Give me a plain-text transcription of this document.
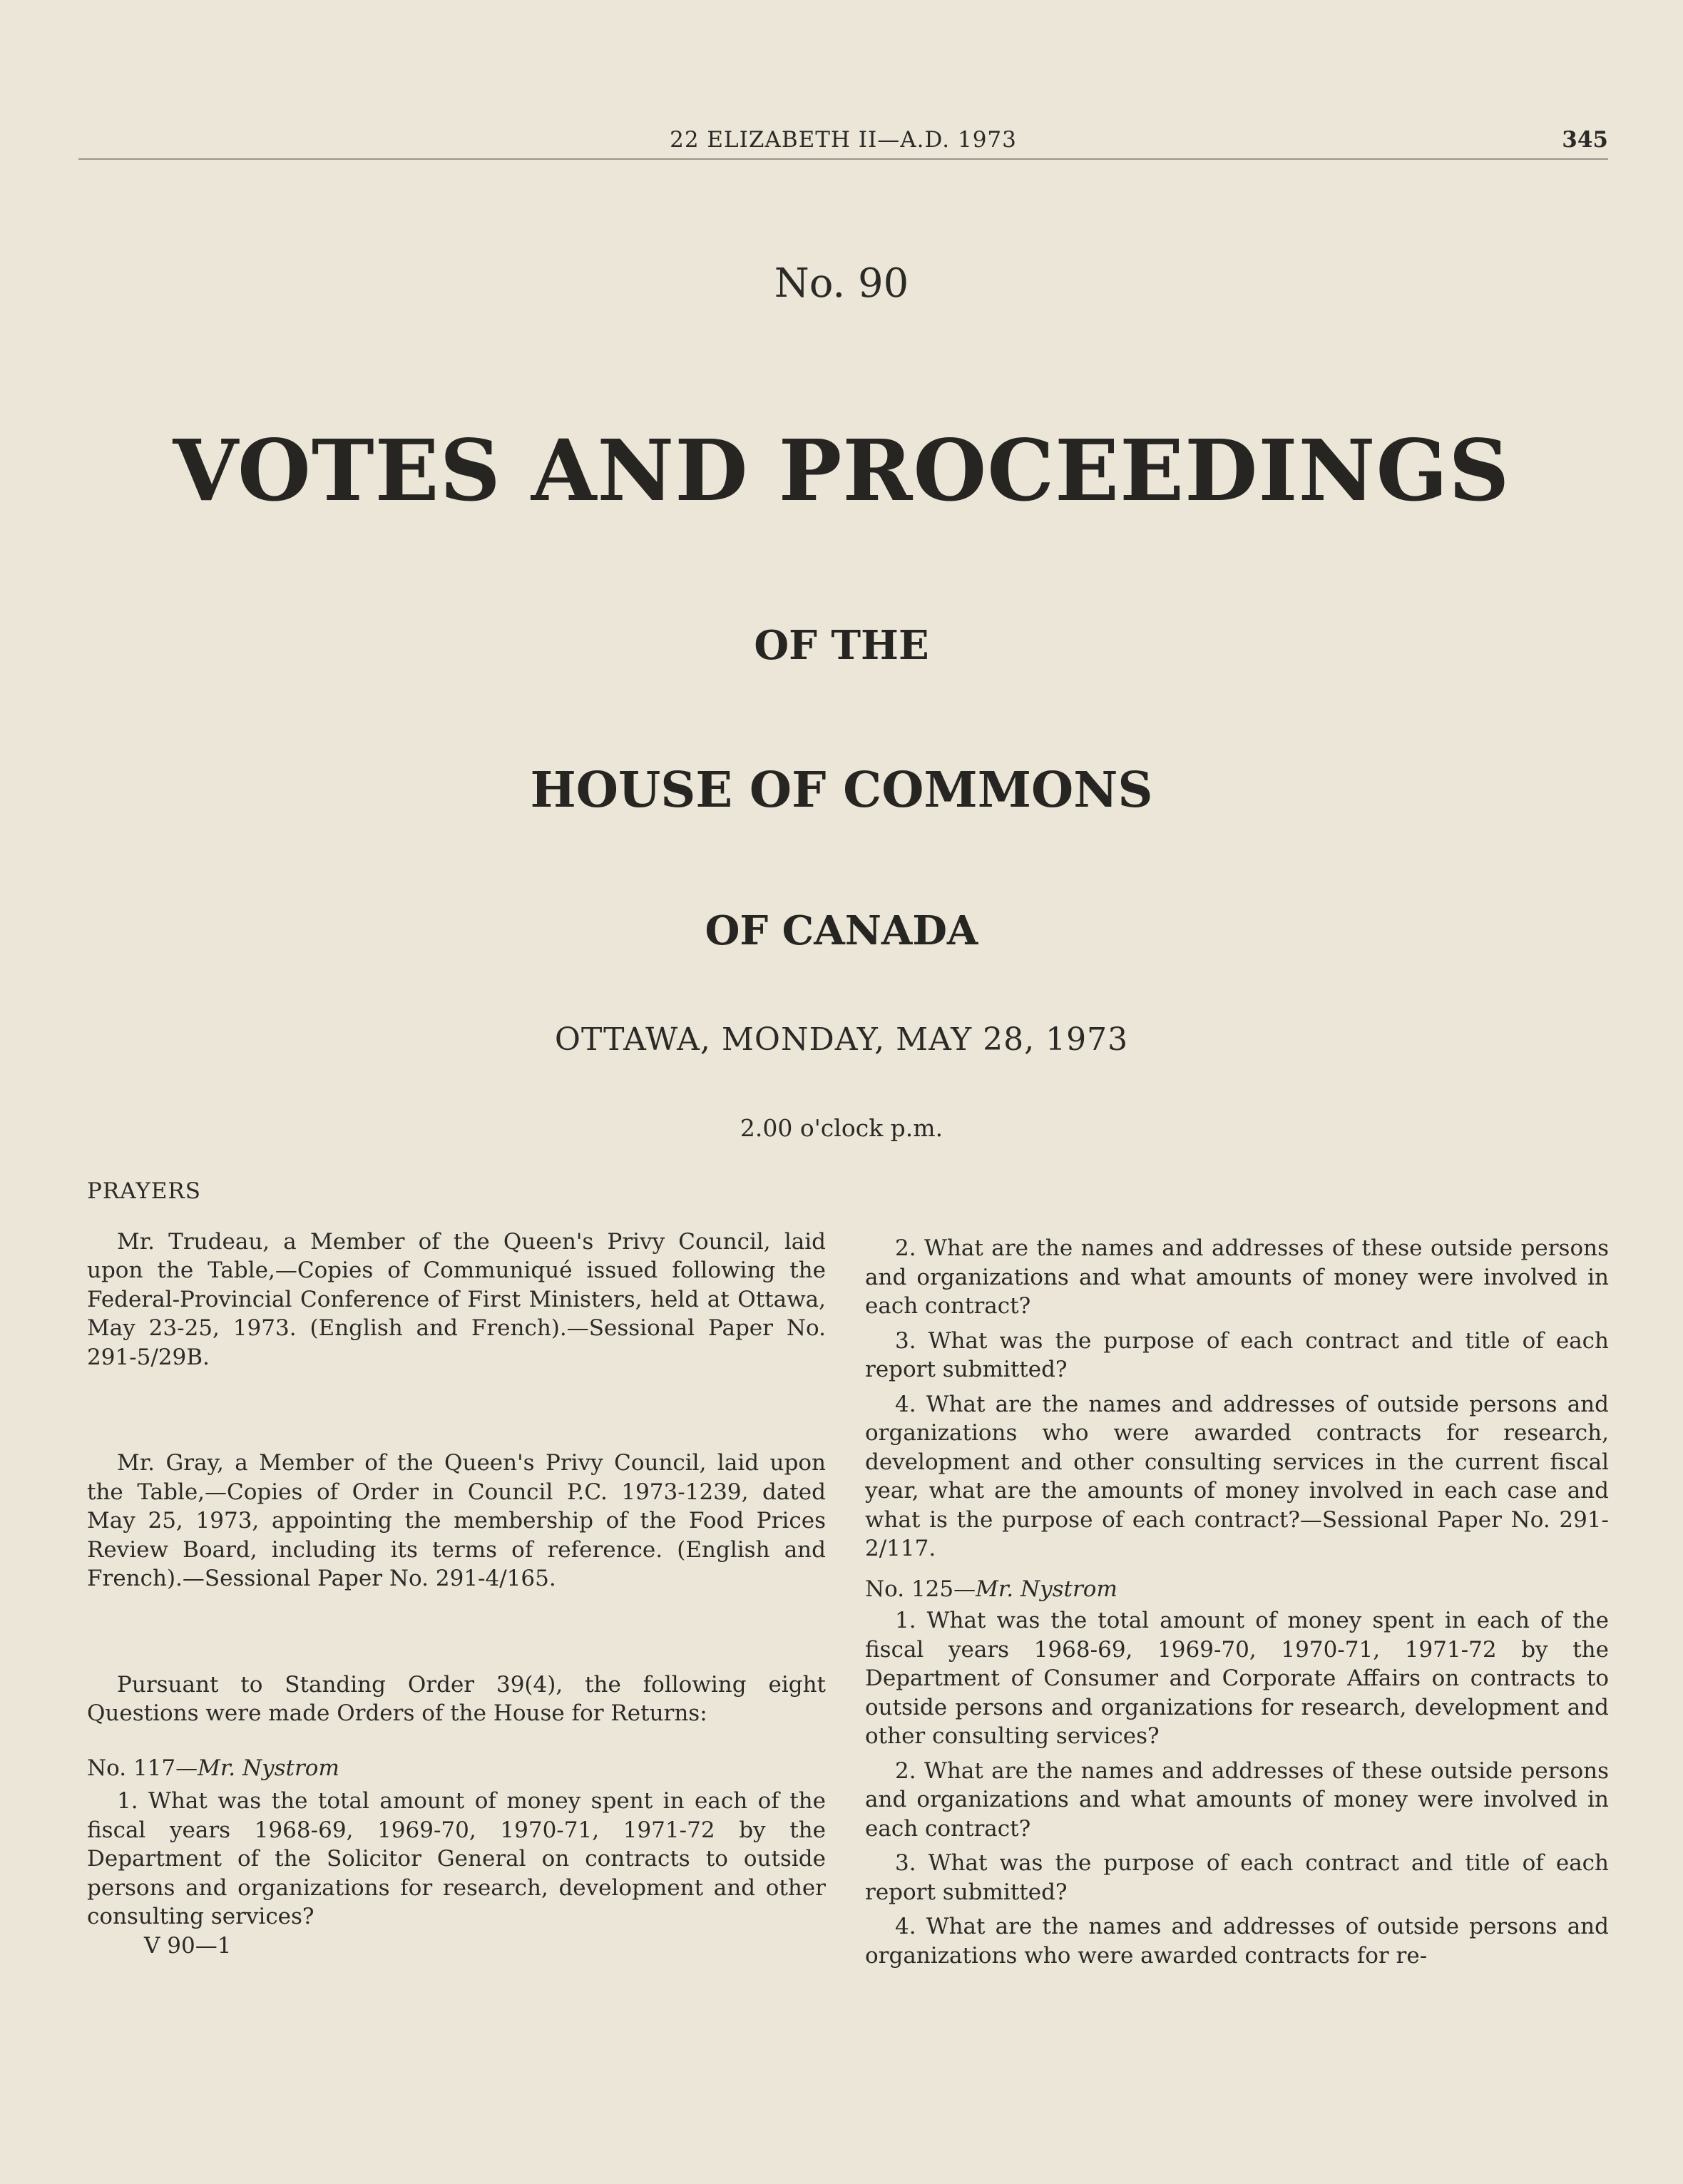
22 ELIZABETH II—A.D. 1973	345
No. 90
VOTES AND PROCEEDINGS
OF THE
HOUSE OF COMMONS
OF CANADA
OTTAWA, MONDAY, MAY 28, 1973
2.00 o'clock p.m.

PRAYERS

Mr. Trudeau, a Member of the Queen's Privy Council, laid upon the Table,—Copies of Communiqué issued following the Federal-Provincial Conference of First Ministers, held at Ottawa, May 23-25, 1973. (English and French).—Sessional Paper No. 291-5/29B.

Mr. Gray, a Member of the Queen's Privy Council, laid upon the Table,—Copies of Order in Council P.C. 1973-1239, dated May 25, 1973, appointing the membership of the Food Prices Review Board, including its terms of reference. (English and French).—Sessional Paper No. 291-4/165.

Pursuant to Standing Order 39(4), the following eight Questions were made Orders of the House for Returns:

No. 117—Mr. Nystrom

1. What was the total amount of money spent in each of the fiscal years 1968-69, 1969-70, 1970-71, 1971-72 by the Department of the Solicitor General on contracts to outside persons and organizations for research, development and other consulting services?

V 90—1

2. What are the names and addresses of these outside persons and organizations and what amounts of money were involved in each contract?

3. What was the purpose of each contract and title of each report submitted?

4. What are the names and addresses of outside persons and organizations who were awarded contracts for research, development and other consulting services in the current fiscal year, what are the amounts of money involved in each case and what is the purpose of each contract?—Sessional Paper No. 291-2/117.

No. 125—Mr. Nystrom

1. What was the total amount of money spent in each of the fiscal years 1968-69, 1969-70, 1970-71, 1971-72 by the Department of Consumer and Corporate Affairs on contracts to outside persons and organizations for research, development and other consulting services?

2. What are the names and addresses of these outside persons and organizations and what amounts of money were involved in each contract?

3. What was the purpose of each contract and title of each report submitted?

4. What are the names and addresses of outside persons and organizations who were awarded contracts for re-
